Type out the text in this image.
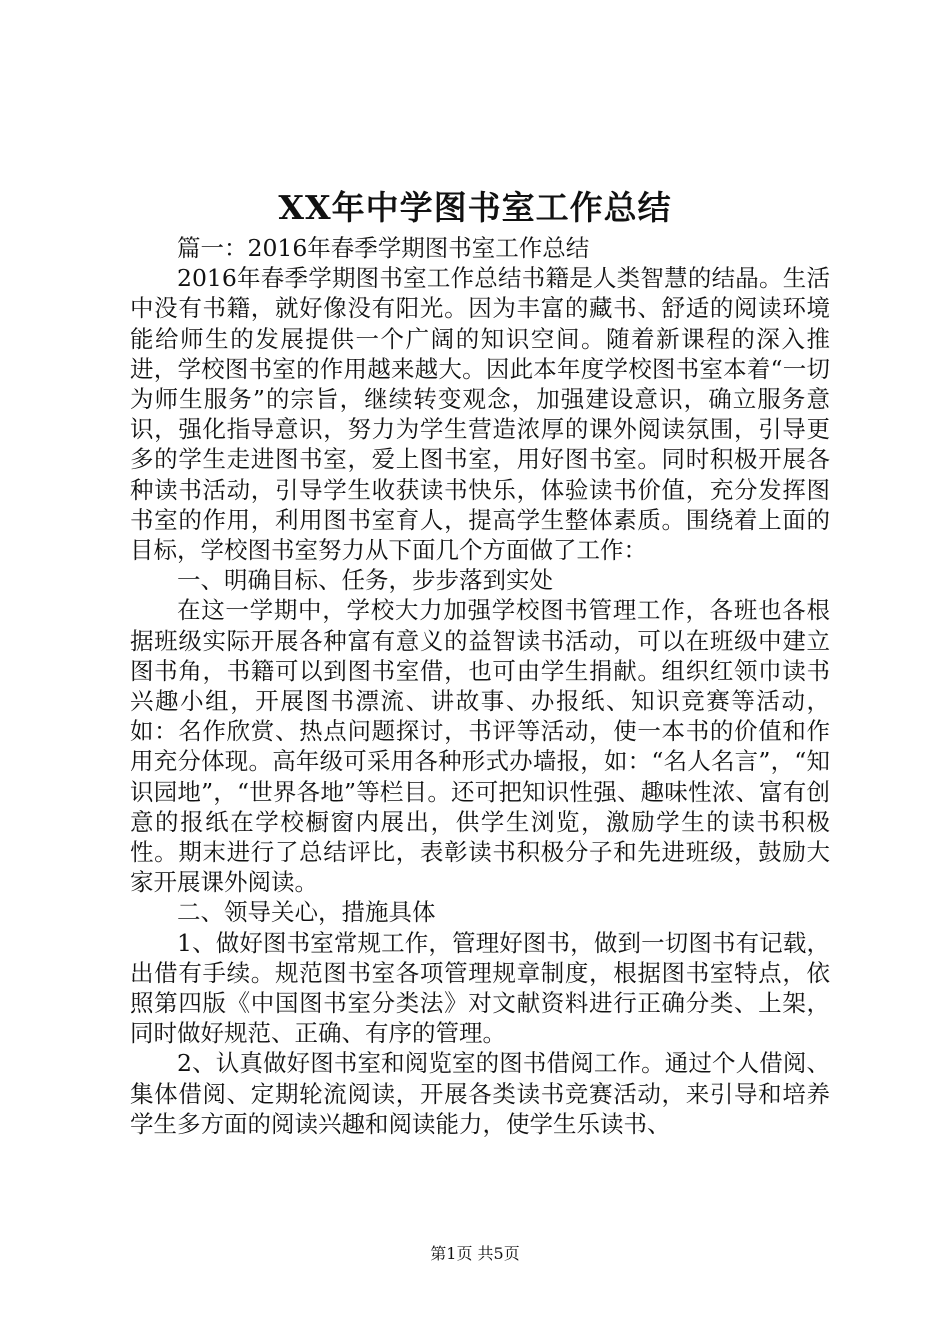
XX年中学图书室工作总结

篇一：2016年春季学期图书室工作总结

2016年春季学期图书室工作总结书籍是人类智慧的结晶。生活中没有书籍，就好像没有阳光。因为丰富的藏书、舒适的阅读环境能给师生的发展提供一个广阔的知识空间。随着新课程的深入推进，学校图书室的作用越来越大。因此本年度学校图书室本着“一切为师生服务”的宗旨，继续转变观念，加强建设意识，确立服务意识，强化指导意识，努力为学生营造浓厚的课外阅读氛围，引导更多的学生走进图书室，爱上图书室，用好图书室。同时积极开展各种读书活动，引导学生收获读书快乐，体验读书价值，充分发挥图书室的作用，利用图书室育人，提高学生整体素质。围绕着上面的目标，学校图书室努力从下面几个方面做了工作：

一、明确目标、任务，步步落到实处

在这一学期中，学校大力加强学校图书管理工作，各班也各根据班级实际开展各种富有意义的益智读书活动，可以在班级中建立图书角，书籍可以到图书室借，也可由学生捐献。组织红领巾读书兴趣小组，开展图书漂流、讲故事、办报纸、知识竞赛等活动，如：名作欣赏、热点问题探讨，书评等活动，使一本书的价值和作用充分体现。高年级可采用各种形式办墙报，如：“名人名言”，“知识园地”，“世界各地”等栏目。还可把知识性强、趣味性浓、富有创意的报纸在学校橱窗内展出，供学生浏览，激励学生的读书积极性。期末进行了总结评比，表彰读书积极分子和先进班级，鼓励大家开展课外阅读。

二、领导关心，措施具体

1、做好图书室常规工作，管理好图书，做到一切图书有记载，出借有手续。规范图书室各项管理规章制度，根据图书室特点，依照第四版《中国图书室分类法》对文献资料进行正确分类、上架，同时做好规范、正确、有序的管理。

2、认真做好图书室和阅览室的图书借阅工作。通过个人借阅、集体借阅、定期轮流阅读，开展各类读书竞赛活动，来引导和培养学生多方面的阅读兴趣和阅读能力，使学生乐读书、

第1页 共5页
